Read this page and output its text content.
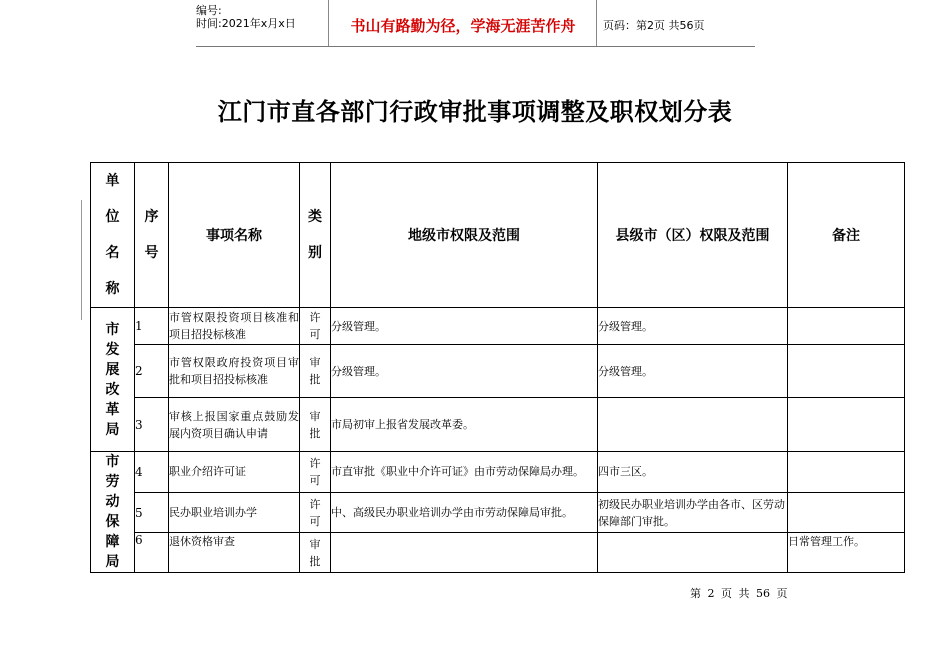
编号:
时间:2021年x月x日	书山有路勤为径，学海无涯苦作舟	页码：第2页 共56页
江门市直各部门行政审批事项调整及职权划分表
单位名称	序号	事项名称	类别	地级市权限及范围	县级市（区）权限及范围	备注
市发展改革局	1	市管权限投资项目核准和项目招投标核准	许可	分级管理。	分级管理。	
	2	市管权限政府投资项目审批和项目招投标核准	审批	分级管理。	分级管理。	
	3	审核上报国家重点鼓励发展内资项目确认申请	审批	市局初审上报省发展改革委。		
市劳动保障局	4	职业介绍许可证	许可	市直审批《职业中介许可证》由市劳动保障局办理。	四市三区。	
	5	民办职业培训办学	许可	中、高级民办职业培训办学由市劳动保障局审批。	初级民办职业培训办学由各市、区劳动保障部门审批。	
	6	退休资格审查	审批			日常管理工作。
第 2 页 共 56 页
